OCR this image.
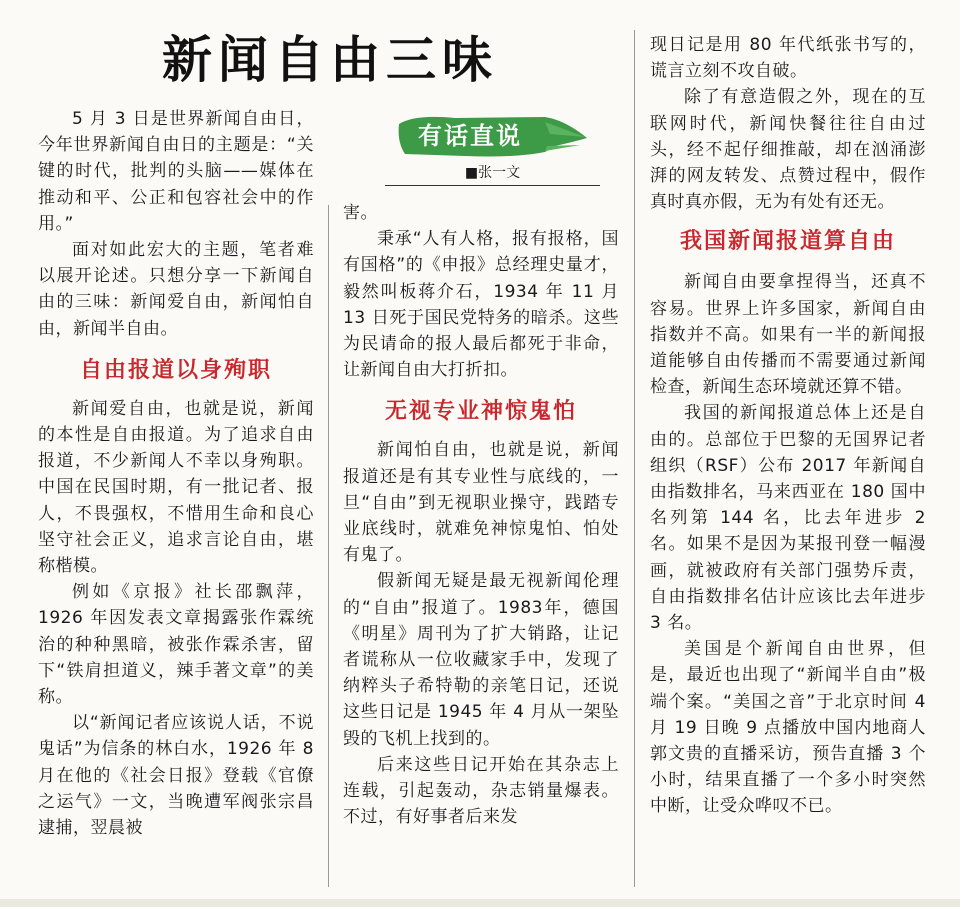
新闻自由三味
有话直说
■张一文

5 月 3 日是世界新闻自由日，今年世界新闻自由日的主题是：“关键的时代，批判的头脑——媒体在推动和平、公正和包容社会中的作用。”

面对如此宏大的主题，笔者难以展开论述。只想分享一下新闻自由的三味：新闻爱自由，新闻怕自由，新闻半自由。

自由报道以身殉职

新闻爱自由，也就是说，新闻的本性是自由报道。为了追求自由报道，不少新闻人不幸以身殉职。中国在民国时期，有一批记者、报人，不畏强权，不惜用生命和良心坚守社会正义，追求言论自由，堪称楷模。

例如《京报》社长邵飘萍，1926 年因发表文章揭露张作霖统治的种种黑暗，被张作霖杀害，留下“铁肩担道义，辣手著文章”的美称。

以“新闻记者应该说人话，不说鬼话”为信条的林白水，1926 年 8 月在他的《社会日报》登载《官僚之运气》一文，当晚遭军阀张宗昌逮捕，翌晨被

害。

秉承“人有人格，报有报格，国有国格”的《申报》总经理史量才，毅然叫板蒋介石，1934 年 11 月 13 日死于国民党特务的暗杀。这些为民请命的报人最后都死于非命，让新闻自由大打折扣。

无视专业神惊鬼怕

新闻怕自由，也就是说，新闻报道还是有其专业性与底线的，一旦“自由”到无视职业操守，践踏专业底线时，就难免神惊鬼怕、怕处有鬼了。

假新闻无疑是最无视新闻伦理的“自由”报道了。1983年，德国《明星》周刊为了扩大销路，让记者谎称从一位收藏家手中，发现了纳粹头子希特勒的亲笔日记，还说这些日记是 1945 年 4 月从一架坠毁的飞机上找到的。

后来这些日记开始在其杂志上连载，引起轰动，杂志销量爆表。不过，有好事者后来发

现日记是用 80 年代纸张书写的，谎言立刻不攻自破。

除了有意造假之外，现在的互联网时代，新闻快餐往往自由过头，经不起仔细推敲，却在汹涌澎湃的网友转发、点赞过程中，假作真时真亦假，无为有处有还无。

我国新闻报道算自由

新闻自由要拿捏得当，还真不容易。世界上许多国家，新闻自由指数并不高。如果有一半的新闻报道能够自由传播而不需要通过新闻检查，新闻生态环境就还算不错。

我国的新闻报道总体上还是自由的。总部位于巴黎的无国界记者组织（RSF）公布 2017 年新闻自由指数排名，马来西亚在 180 国中名列第 144 名，比去年进步 2 名。如果不是因为某报刊登一幅漫画，就被政府有关部门强势斥责，自由指数排名估计应该比去年进步 3 名。

美国是个新闻自由世界，但是，最近也出现了“新闻半自由”极端个案。“美国之音”于北京时间 4 月 19 日晚 9 点播放中国内地商人郭文贵的直播采访，预告直播 3 个小时，结果直播了一个多小时突然中断，让受众哗叹不已。
